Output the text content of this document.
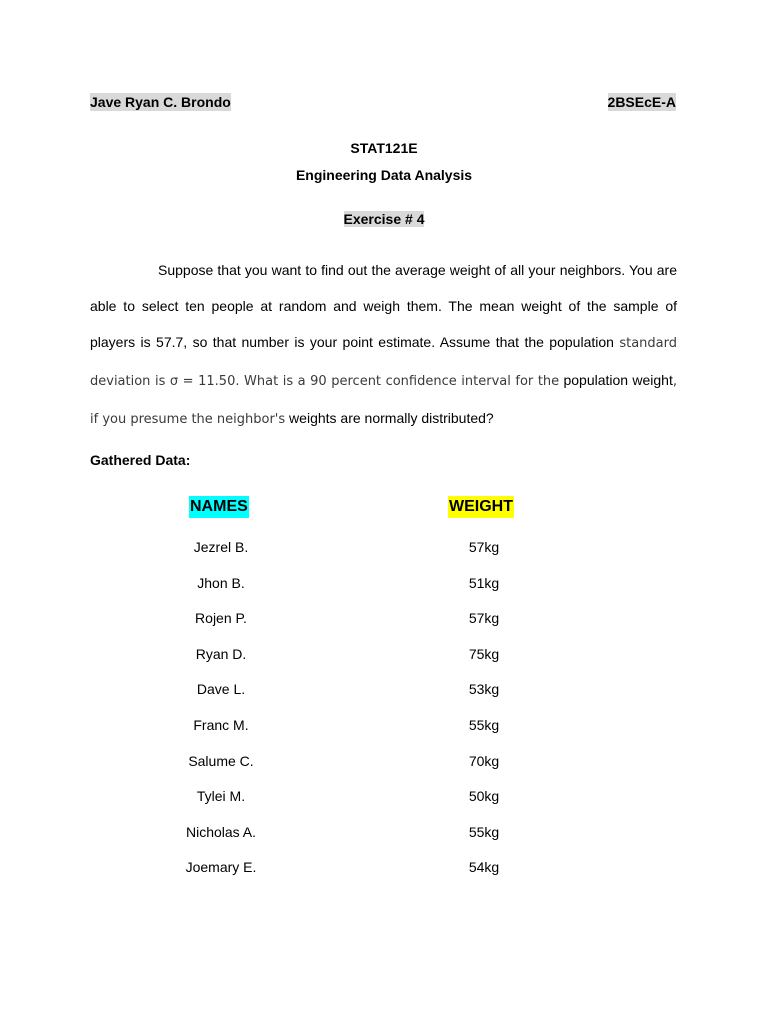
Jave Ryan C. Brondo	2BSEcE-A
STAT121E
Engineering Data Analysis
Exercise # 4

Suppose that you want to find out the average weight of all your neighbors. You are able to select ten people at random and weigh them. The mean weight of the sample of players is 57.7, so that number is your point estimate. Assume that the population standard deviation is σ = 11.50. What is a 90 percent confidence interval for the population weight, if you presume the neighbor's weights are normally distributed?

Gathered Data:
NAMES	WEIGHT
Jezrel B.	57kg
Jhon B.	51kg
Rojen P.	57kg
Ryan D.	75kg
Dave L.	53kg
Franc M.	55kg
Salume C.	70kg
Tylei M.	50kg
Nicholas A.	55kg
Joemary E.	54kg
